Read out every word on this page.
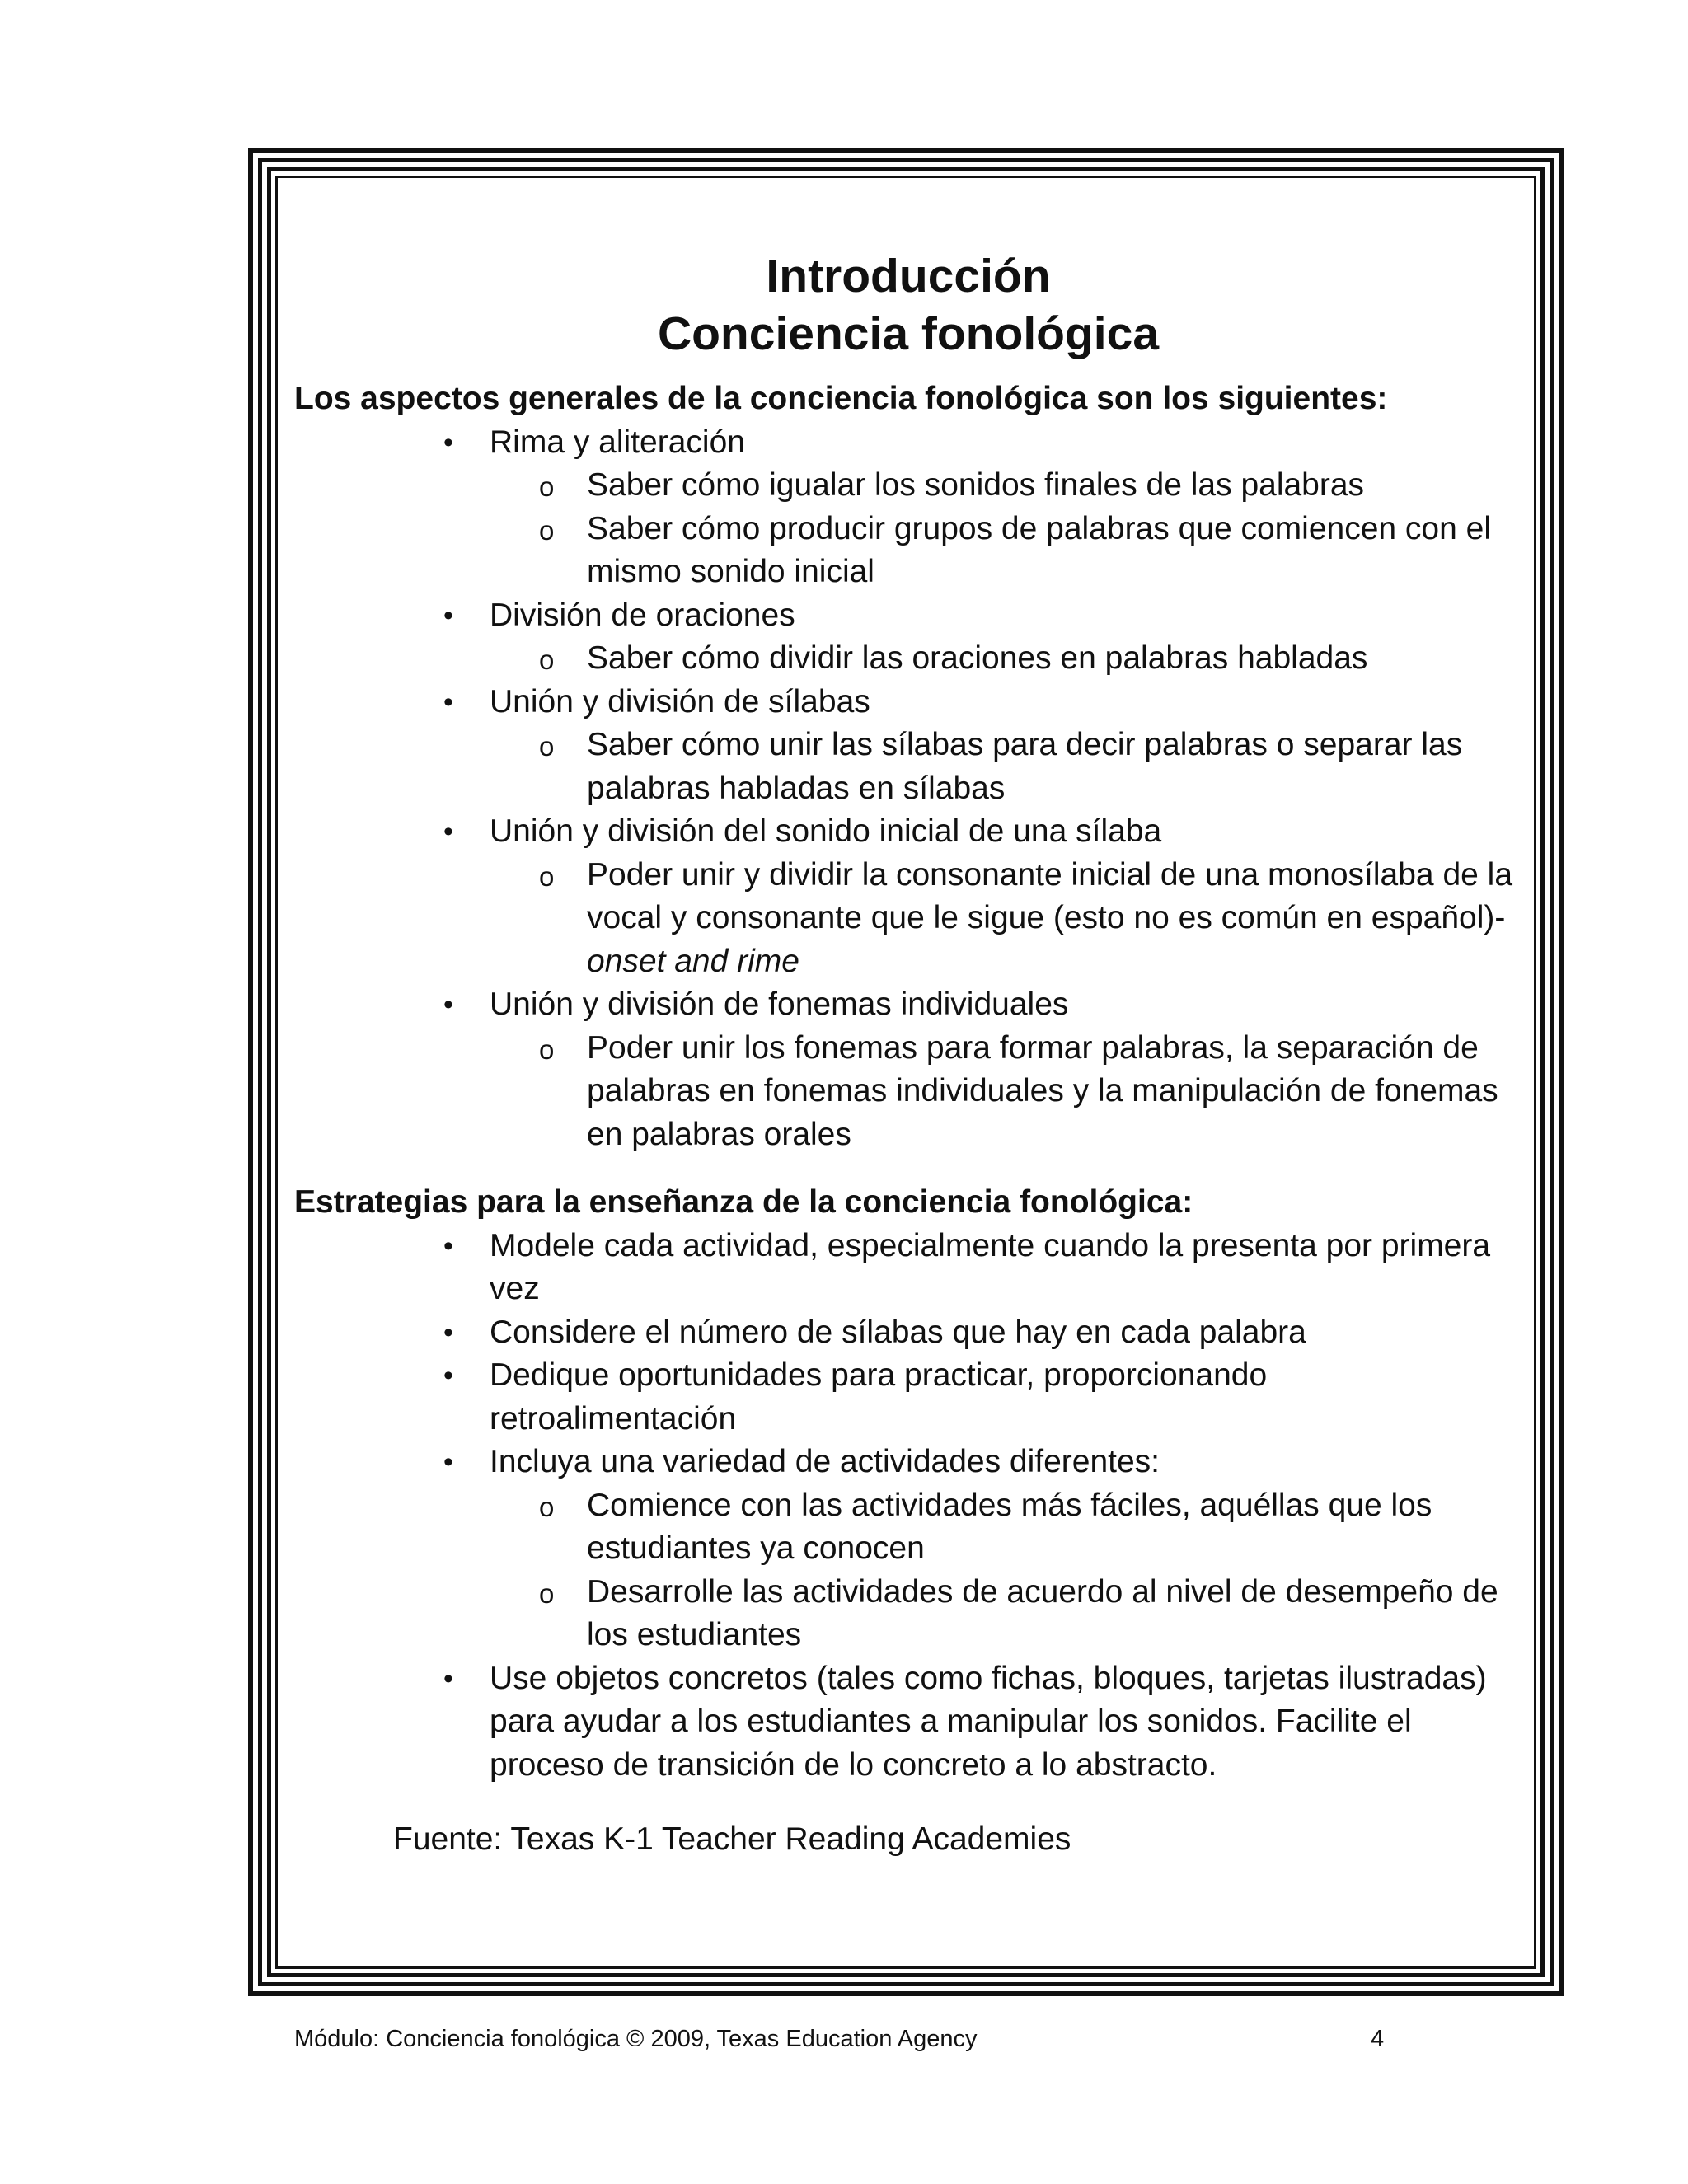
Introducción
Conciencia fonológica

Los aspectos generales de la conciencia fonológica son los siguientes:

• Rima y aliteración
o Saber cómo igualar los sonidos finales de las palabras
o Saber cómo producir grupos de palabras que comiencen con el mismo sonido inicial
• División de oraciones
o Saber cómo dividir las oraciones en palabras habladas
• Unión y división de sílabas
o Saber cómo unir las sílabas para decir palabras o separar las palabras habladas en sílabas
• Unión y división del sonido inicial de una sílaba
o Poder unir y dividir la consonante inicial de una monosílaba de la vocal y consonante que le sigue (esto no es común en español)-onset and rime
• Unión y división de fonemas individuales
o Poder unir los fonemas para formar palabras, la separación de palabras en fonemas individuales y la manipulación de fonemas en palabras orales

Estrategias para la enseñanza de la conciencia fonológica:

• Modele cada actividad, especialmente cuando la presenta por primera vez
• Considere el número de sílabas que hay en cada palabra
• Dedique oportunidades para practicar, proporcionando retroalimentación
• Incluya una variedad de actividades diferentes:
o Comience con las actividades más fáciles, aquéllas que los estudiantes ya conocen
o Desarrolle las actividades de acuerdo al nivel de desempeño de los estudiantes
• Use objetos concretos (tales como fichas, bloques, tarjetas ilustradas) para ayudar a los estudiantes a manipular los sonidos. Facilite el proceso de transición de lo concreto a lo abstracto.
Fuente: Texas K-1 Teacher Reading Academies
Módulo: Conciencia fonológica © 2009, Texas Education Agency	4
